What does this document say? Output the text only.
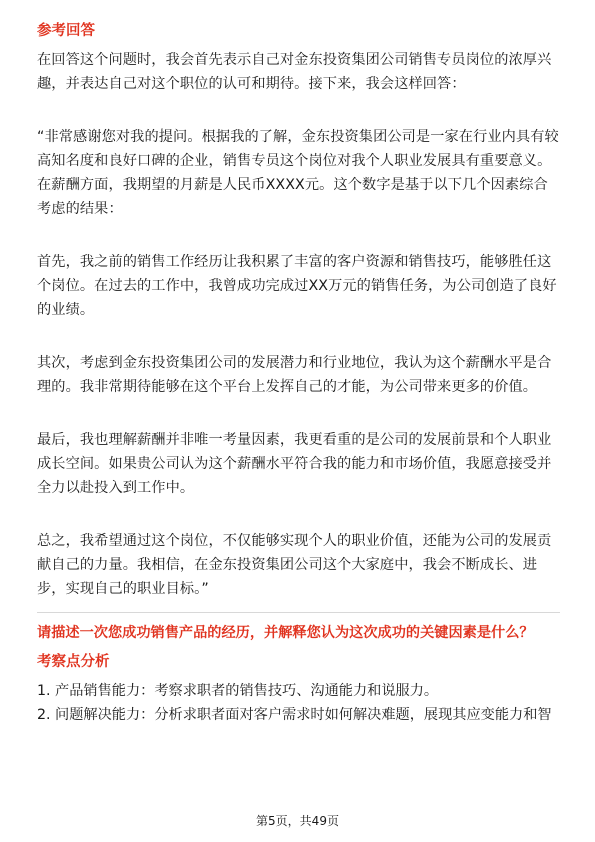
参考回答

在回答这个问题时，我会首先表示自己对金东投资集团公司销售专员岗位的浓厚兴趣，并表达自己对这个职位的认可和期待。接下来，我会这样回答：

“非常感谢您对我的提问。根据我的了解，金东投资集团公司是一家在行业内具有较高知名度和良好口碑的企业，销售专员这个岗位对我个人职业发展具有重要意义。在薪酬方面，我期望的月薪是人民币XXXX元。这个数字是基于以下几个因素综合考虑的结果：

首先，我之前的销售工作经历让我积累了丰富的客户资源和销售技巧，能够胜任这个岗位。在过去的工作中，我曾成功完成过XX万元的销售任务，为公司创造了良好的业绩。

其次，考虑到金东投资集团公司的发展潜力和行业地位，我认为这个薪酬水平是合理的。我非常期待能够在这个平台上发挥自己的才能，为公司带来更多的价值。

最后，我也理解薪酬并非唯一考量因素，我更看重的是公司的发展前景和个人职业成长空间。如果贵公司认为这个薪酬水平符合我的能力和市场价值，我愿意接受并全力以赴投入到工作中。

总之，我希望通过这个岗位，不仅能够实现个人的职业价值，还能为公司的发展贡献自己的力量。我相信，在金东投资集团公司这个大家庭中，我会不断成长、进步，实现自己的职业目标。”

请描述一次您成功销售产品的经历，并解释您认为这次成功的关键因素是什么？

考察点分析

1. 产品销售能力：考察求职者的销售技巧、沟通能力和说服力。

2. 问题解决能力：分析求职者面对客户需求时如何解决难题，展现其应变能力和智

第5页，共49页
